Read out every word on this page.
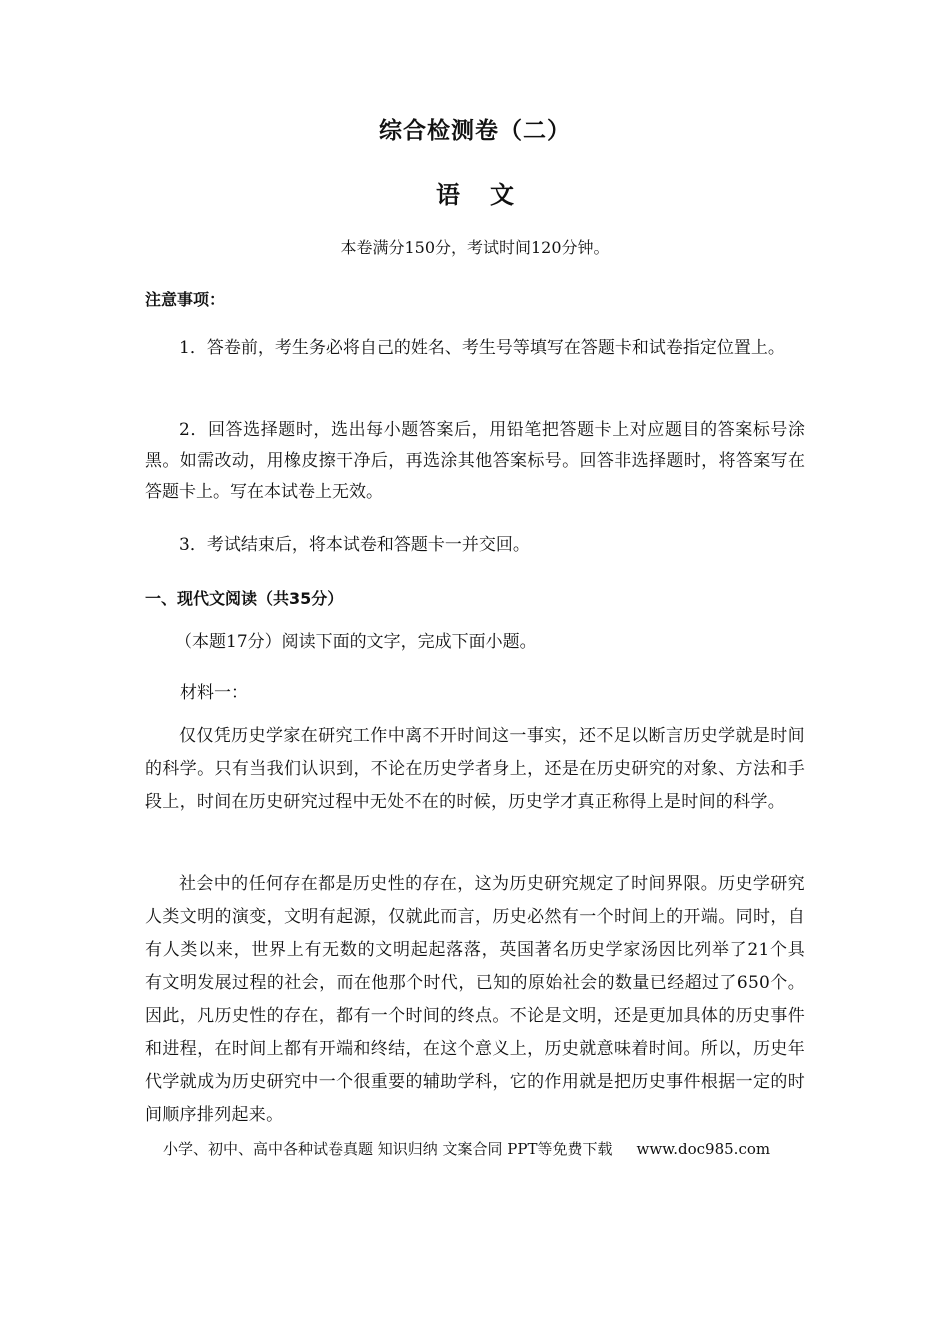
综合检测卷（二）
语文
本卷满分150分，考试时间120分钟。
注意事项：
1．答卷前，考生务必将自己的姓名、考生号等填写在答题卡和试卷指定位置上。
2．回答选择题时，选出每小题答案后，用铅笔把答题卡上对应题目的答案标号涂黑。如需改动，用橡皮擦干净后，再选涂其他答案标号。回答非选择题时，将答案写在答题卡上。写在本试卷上无效。
3．考试结束后，将本试卷和答题卡一并交回。
一、现代文阅读（共35分）
（本题17分）阅读下面的文字，完成下面小题。
材料一：
仅仅凭历史学家在研究工作中离不开时间这一事实，还不足以断言历史学就是时间的科学。只有当我们认识到，不论在历史学者身上，还是在历史研究的对象、方法和手段上，时间在历史研究过程中无处不在的时候，历史学才真正称得上是时间的科学。
社会中的任何存在都是历史性的存在，这为历史研究规定了时间界限。历史学研究人类文明的演变，文明有起源，仅就此而言，历史必然有一个时间上的开端。同时，自有人类以来，世界上有无数的文明起起落落，英国著名历史学家汤因比列举了21个具有文明发展过程的社会，而在他那个时代，已知的原始社会的数量已经超过了650个。因此，凡历史性的存在，都有一个时间的终点。不论是文明，还是更加具体的历史事件和进程，在时间上都有开端和终结，在这个意义上，历史就意味着时间。所以，历史年代学就成为历史研究中一个很重要的辅助学科，它的作用就是把历史事件根据一定的时间顺序排列起来。
小学、初中、高中各种试卷真题 知识归纳 文案合同 PPT等免费下载 www.doc985.com
